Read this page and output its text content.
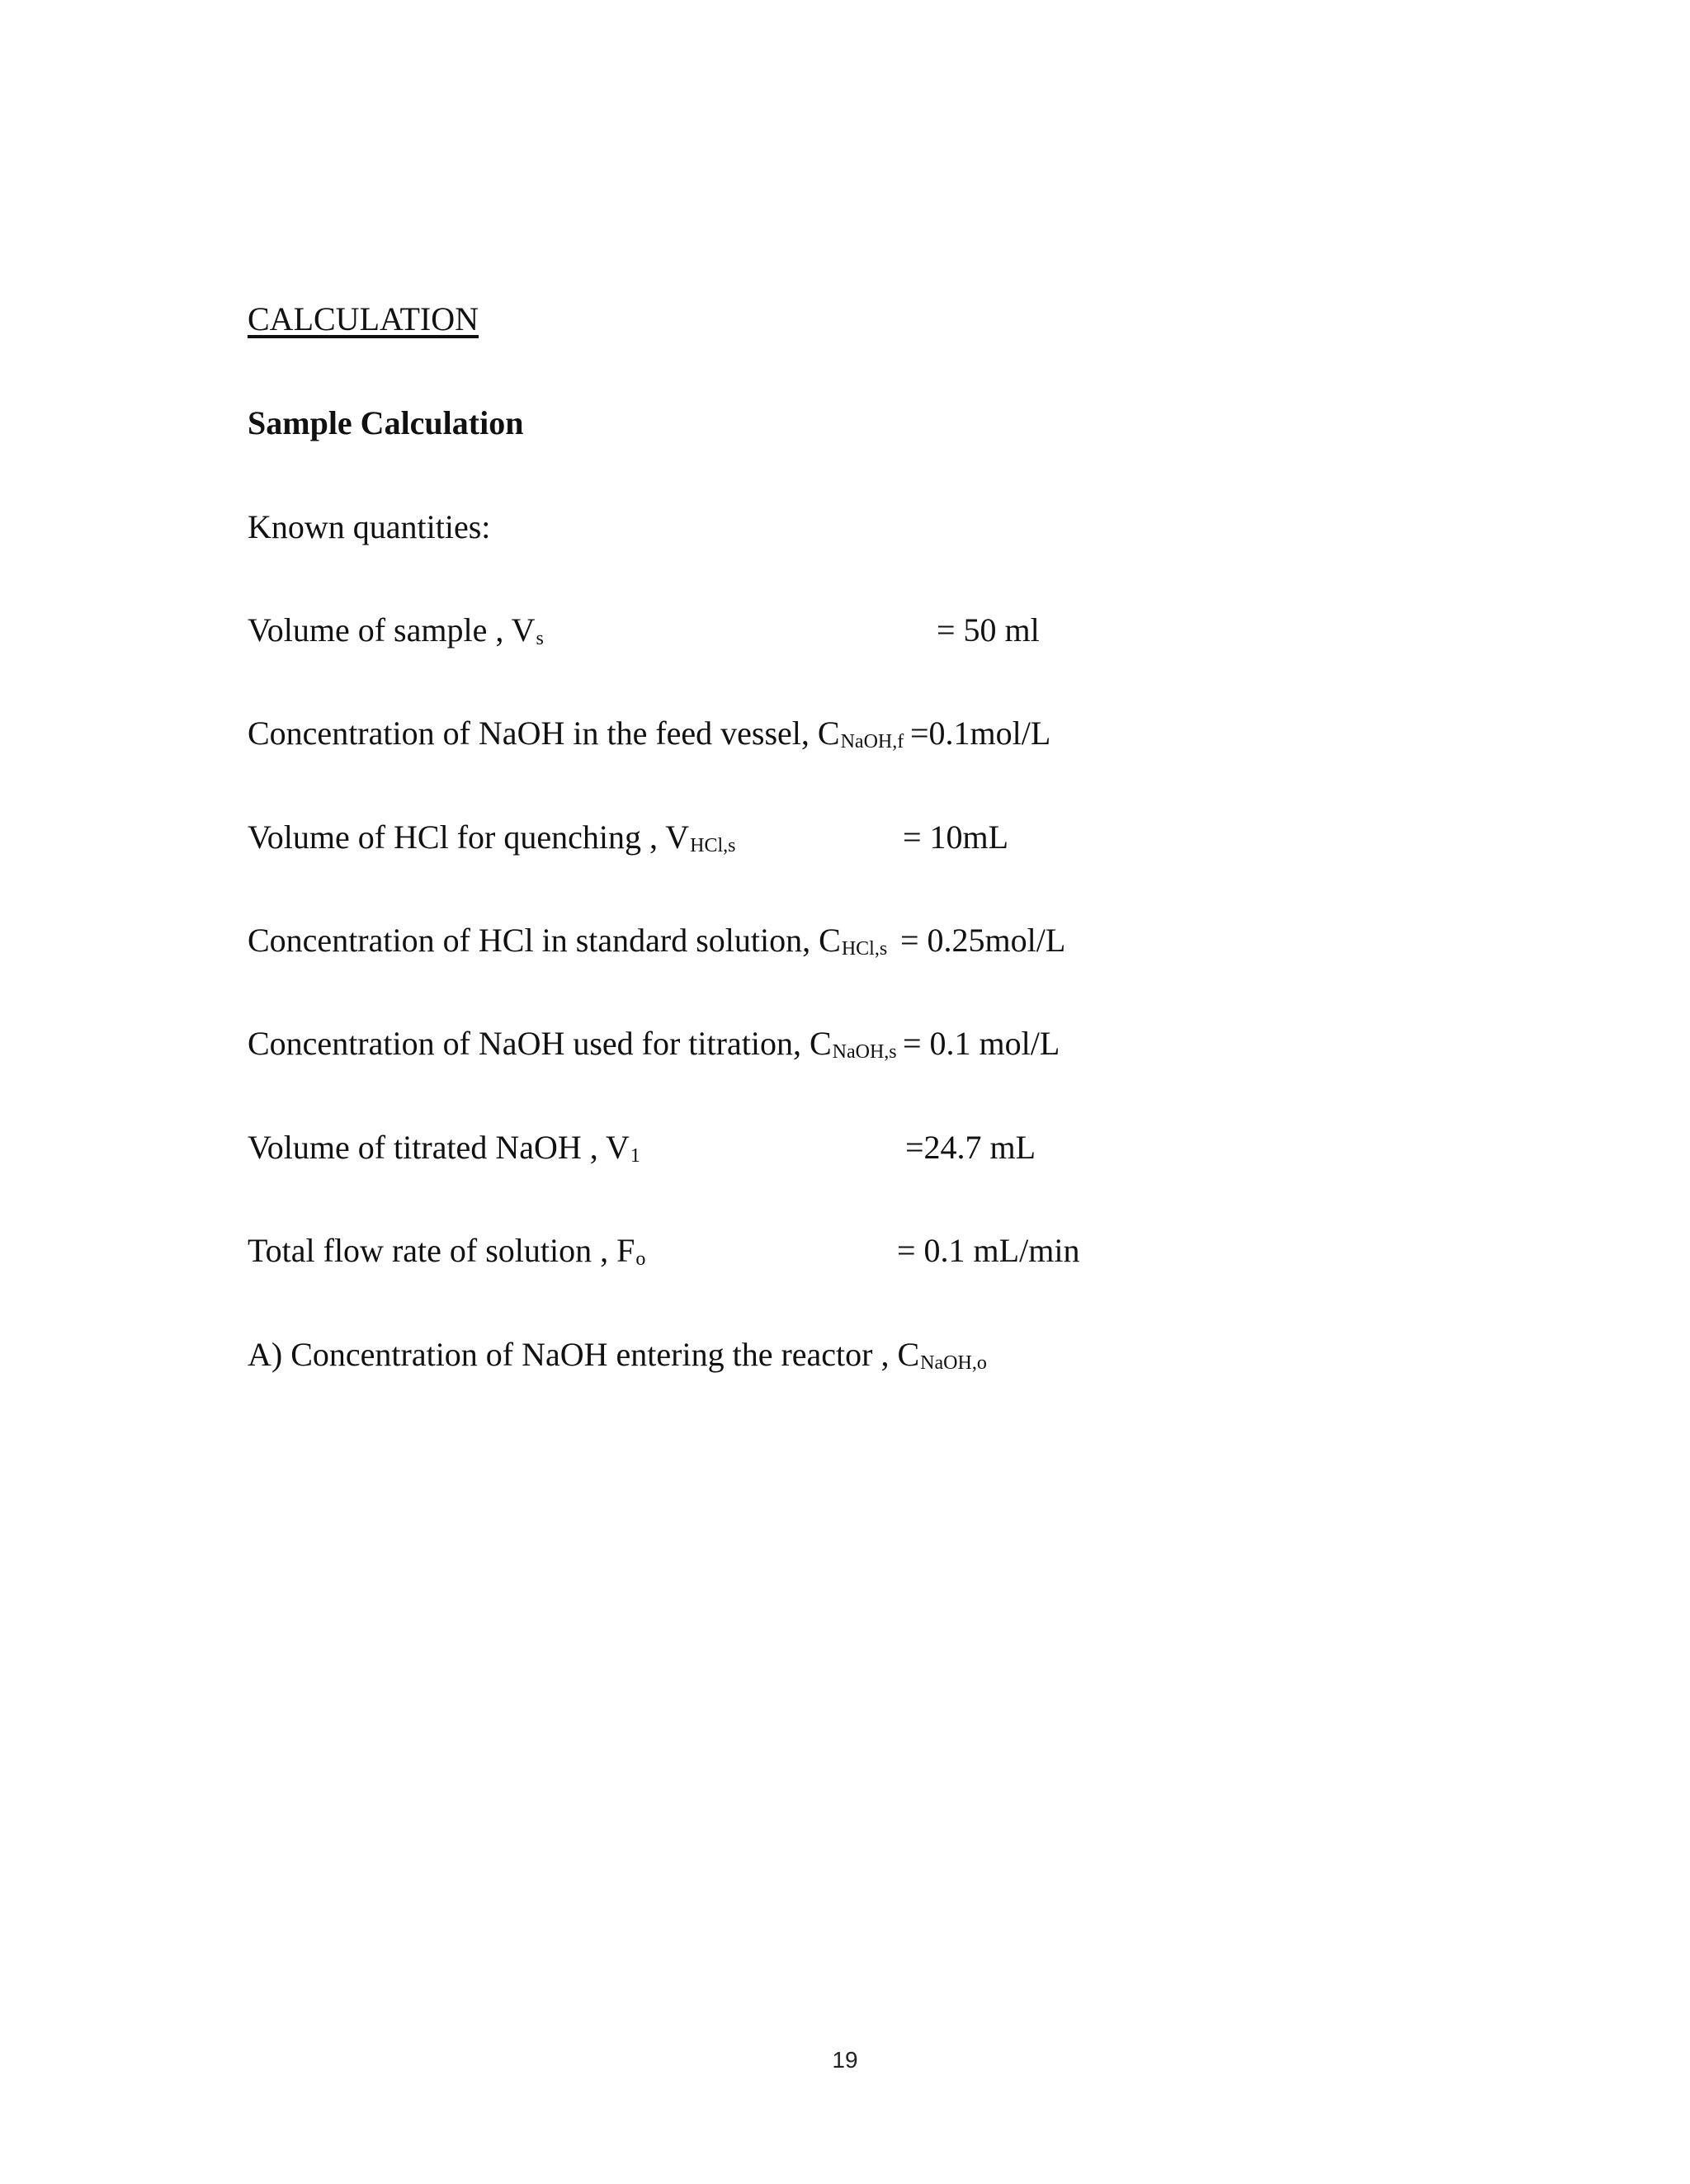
CALCULATION
Sample Calculation
Known quantities:
Volume of sample , Vs	= 50 ml
Concentration of NaOH in the feed vessel, CNaOH,f =0.1mol/L
Volume of HCl for quenching , VHCl,s	= 10mL
Concentration of HCl in standard solution, CHCl,s = 0.25mol/L
Concentration of NaOH used for titration, CNaOH,s = 0.1 mol/L
Volume of titrated NaOH , V1	=24.7 mL
Total flow rate of solution , Fo	= 0.1 mL/min
A) Concentration of NaOH entering the reactor , CNaOH,o
19
